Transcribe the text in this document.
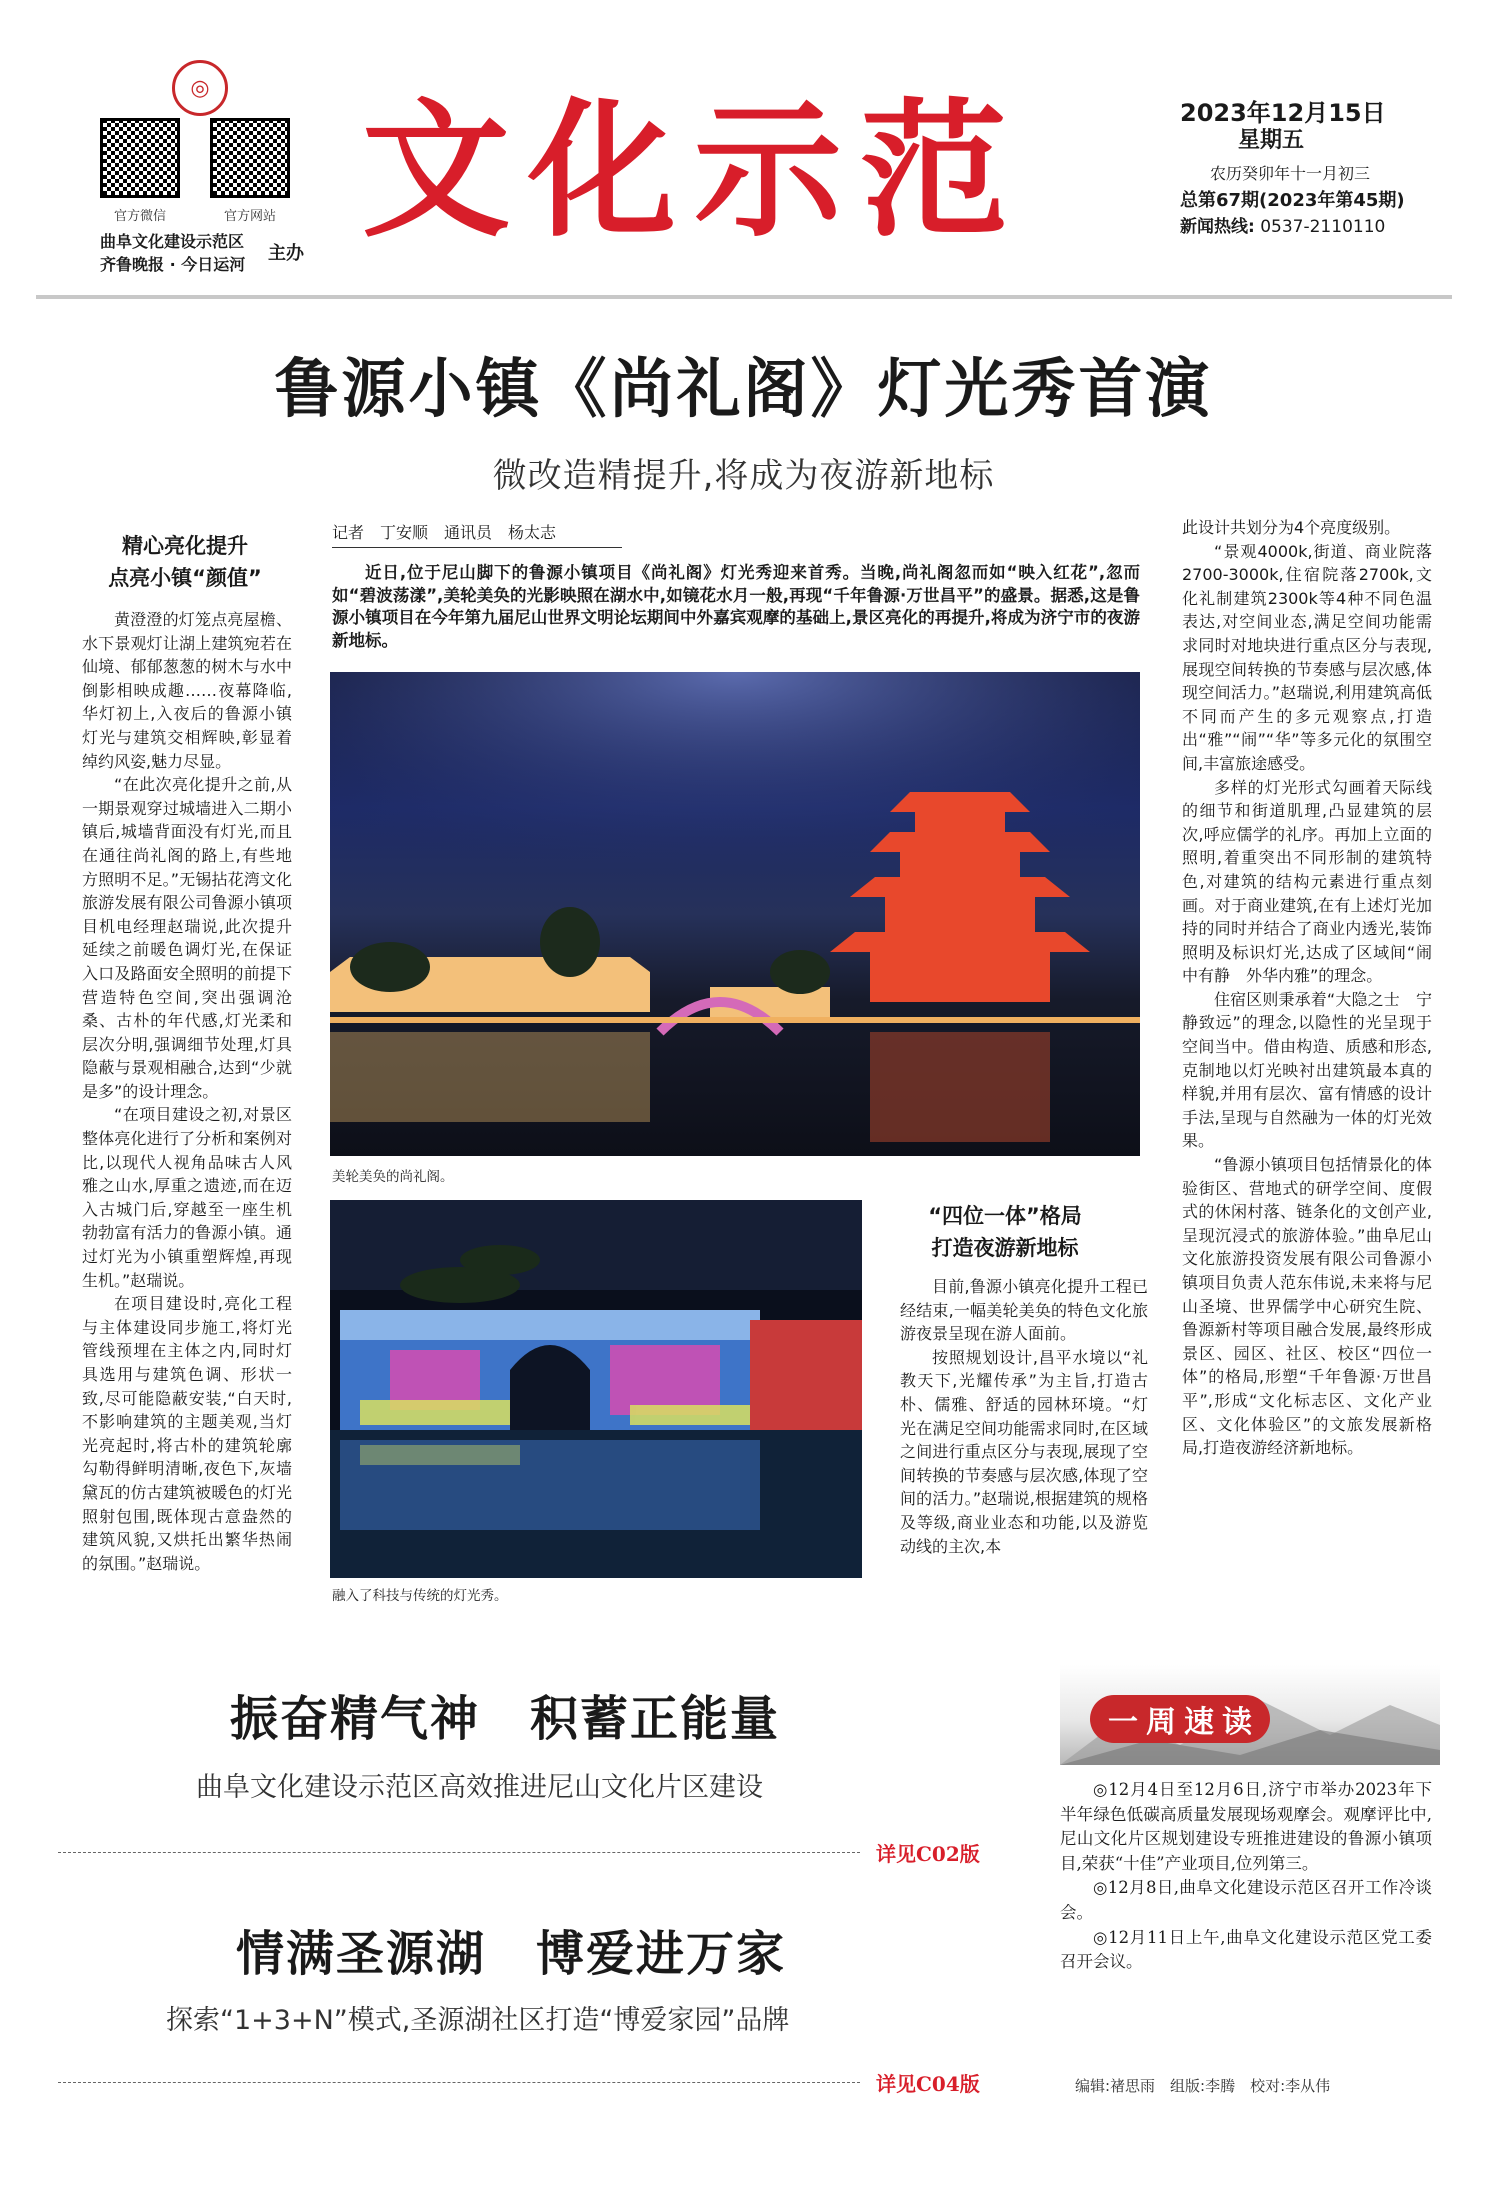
官方微信	官方网站
◎
曲阜文化建设示范区
齐鲁晚报 · 今日运河
主办 文化示范	2023年12月15日
星期五
农历癸卯年十一月初三
总第67期(2023年第45期)
新闻热线: 0537-2110110
鲁源小镇《尚礼阁》灯光秀首演
微改造精提升,将成为夜游新地标
精心亮化提升
点亮小镇“颜值”

黄澄澄的灯笼点亮屋檐、水下景观灯让湖上建筑宛若在仙境、郁郁葱葱的树木与水中倒影相映成趣……夜幕降临,华灯初上,入夜后的鲁源小镇灯光与建筑交相辉映,彰显着绰约风姿,魅力尽显。

“在此次亮化提升之前,从一期景观穿过城墙进入二期小镇后,城墙背面没有灯光,而且在通往尚礼阁的路上,有些地方照明不足。”无锡拈花湾文化旅游发展有限公司鲁源小镇项目机电经理赵瑞说,此次提升延续之前暖色调灯光,在保证入口及路面安全照明的前提下营造特色空间,突出强调沧桑、古朴的年代感,灯光柔和层次分明,强调细节处理,灯具隐蔽与景观相融合,达到“少就是多”的设计理念。

“在项目建设之初,对景区整体亮化进行了分析和案例对比,以现代人视角品味古人风雅之山水,厚重之遗迹,而在迈入古城门后,穿越至一座生机勃勃富有活力的鲁源小镇。通过灯光为小镇重塑辉煌,再现生机。”赵瑞说。

在项目建设时,亮化工程与主体建设同步施工,将灯光管线预埋在主体之内,同时灯具选用与建筑色调、形状一致,尽可能隐蔽安装,“白天时,不影响建筑的主题美观,当灯光亮起时,将古朴的建筑轮廓勾勒得鲜明清晰,夜色下,灰墙黛瓦的仿古建筑被暖色的灯光照射包围,既体现古意盎然的建筑风貌,又烘托出繁华热闹的氛围。”赵瑞说。

记者　丁安顺　通讯员　杨太志
近日,位于尼山脚下的鲁源小镇项目《尚礼阁》灯光秀迎来首秀。当晚,尚礼阁忽而如“映入红花”,忽而如“碧波荡漾”,美轮美奂的光影映照在湖水中,如镜花水月一般,再现“千年鲁源·万世昌平”的盛景。据悉,这是鲁源小镇项目在今年第九届尼山世界文明论坛期间中外嘉宾观摩的基础上,景区亮化的再提升,将成为济宁市的夜游新地标。
美轮美奂的尚礼阁。
融入了科技与传统的灯光秀。
“四位一体”格局
打造夜游新地标

目前,鲁源小镇亮化提升工程已经结束,一幅美轮美奂的特色文化旅游夜景呈现在游人面前。

按照规划设计,昌平水境以“礼教天下,光耀传承”为主旨,打造古朴、儒雅、舒适的园林环境。“灯光在满足空间功能需求同时,在区域之间进行重点区分与表现,展现了空间转换的节奏感与层次感,体现了空间的活力。”赵瑞说,根据建筑的规格及等级,商业业态和功能,以及游览动线的主次,本

此设计共划分为4个亮度级别。

“景观4000k,街道、商业院落2700-3000k,住宿院落2700k,文化礼制建筑2300k等4种不同色温表达,对空间业态,满足空间功能需求同时对地块进行重点区分与表现,展现空间转换的节奏感与层次感,体现空间活力。”赵瑞说,利用建筑高低不同而产生的多元观察点,打造出“雅”“闹”“华”等多元化的氛围空间,丰富旅途感受。

多样的灯光形式勾画着天际线的细节和街道肌理,凸显建筑的层次,呼应儒学的礼序。再加上立面的照明,着重突出不同形制的建筑特色,对建筑的结构元素进行重点刻画。对于商业建筑,在有上述灯光加持的同时并结合了商业内透光,装饰照明及标识灯光,达成了区域间“闹中有静　外华内雅”的理念。

住宿区则秉承着“大隐之士　宁静致远”的理念,以隐性的光呈现于空间当中。借由构造、质感和形态,克制地以灯光映衬出建筑最本真的样貌,并用有层次、富有情感的设计手法,呈现与自然融为一体的灯光效果。

“鲁源小镇项目包括情景化的体验街区、营地式的研学空间、度假式的休闲村落、链条化的文创产业,呈现沉浸式的旅游体验。”曲阜尼山文化旅游投资发展有限公司鲁源小镇项目负责人范东伟说,未来将与尼山圣境、世界儒学中心研究生院、鲁源新村等项目融合发展,最终形成景区、园区、社区、校区“四位一体”的格局,形塑“千年鲁源·万世昌平”,形成“文化标志区、文化产业区、文化体验区”的文旅发展新格局,打造夜游经济新地标。

振奋精气神　积蓄正能量
曲阜文化建设示范区高效推进尼山文化片区建设
详见C02版
情满圣源湖　博爱进万家
探索“1+3+N”模式,圣源湖社区打造“博爱家园”品牌
详见C04版
一 周 速 读
◎12月4日至12月6日,济宁市举办2023年下半年绿色低碳高质量发展现场观摩会。观摩评比中,尼山文化片区规划建设专班推进建设的鲁源小镇项目,荣获“十佳”产业项目,位列第三。
◎12月8日,曲阜文化建设示范区召开工作冷谈会。
◎12月11日上午,曲阜文化建设示范区党工委召开会议。
编辑:禇思雨　组版:李腾　校对:李从伟
